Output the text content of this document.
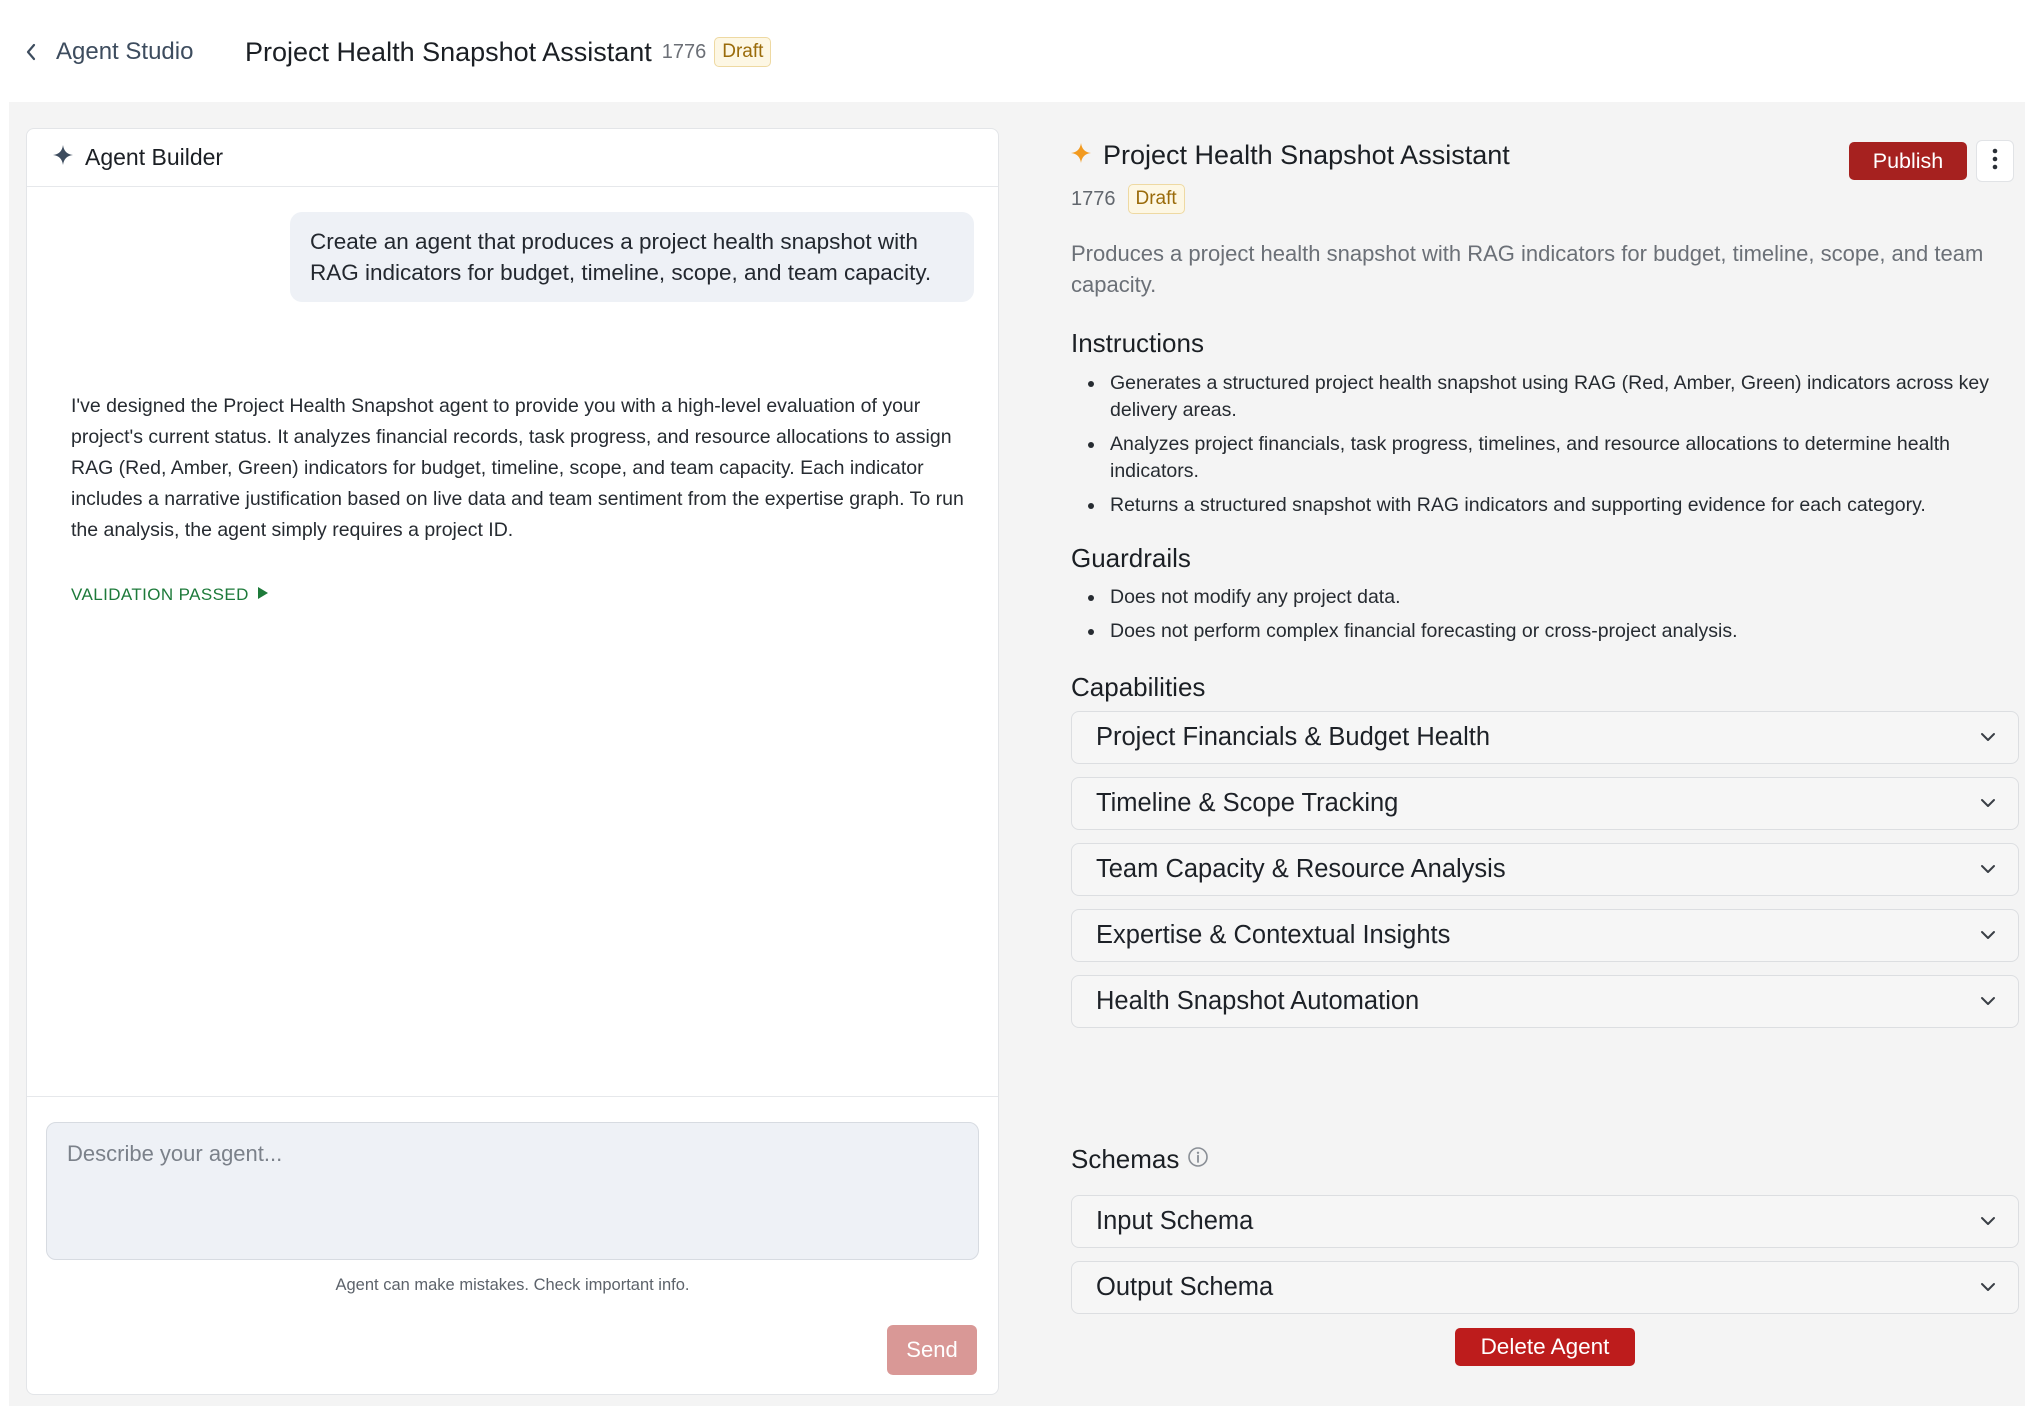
Agent Studio Project Health Snapshot Assistant 1776 Draft
Agent Builder
Create an agent that produces a project health snapshot with RAG indicators for budget, timeline, scope, and team capacity.
I've designed the Project Health Snapshot agent to provide you with a high-level evaluation of your project's current status. It analyzes financial records, task progress, and resource allocations to assign RAG (Red, Amber, Green) indicators for budget, timeline, scope, and team capacity. Each indicator includes a narrative justification based on live data and team sentiment from the expertise graph. To run the analysis, the agent simply requires a project ID.
VALIDATION PASSED
Describe your agent...
Agent can make mistakes. Check important info.
Send
Project Health Snapshot Assistant	Publish
1776	Draft
Produces a project health snapshot with RAG indicators for budget, timeline, scope, and team capacity.
Instructions
Generates a structured project health snapshot using RAG (Red, Amber, Green) indicators across key delivery areas.
Analyzes project financials, task progress, timelines, and resource allocations to determine health indicators.
Returns a structured snapshot with RAG indicators and supporting evidence for each category.
Guardrails
Does not modify any project data.
Does not perform complex financial forecasting or cross-project analysis.
Capabilities
Project Financials & Budget Health
Timeline & Scope Tracking
Team Capacity & Resource Analysis
Expertise & Contextual Insights
Health Snapshot Automation
Schemas
Input Schema
Output Schema
Delete Agent
